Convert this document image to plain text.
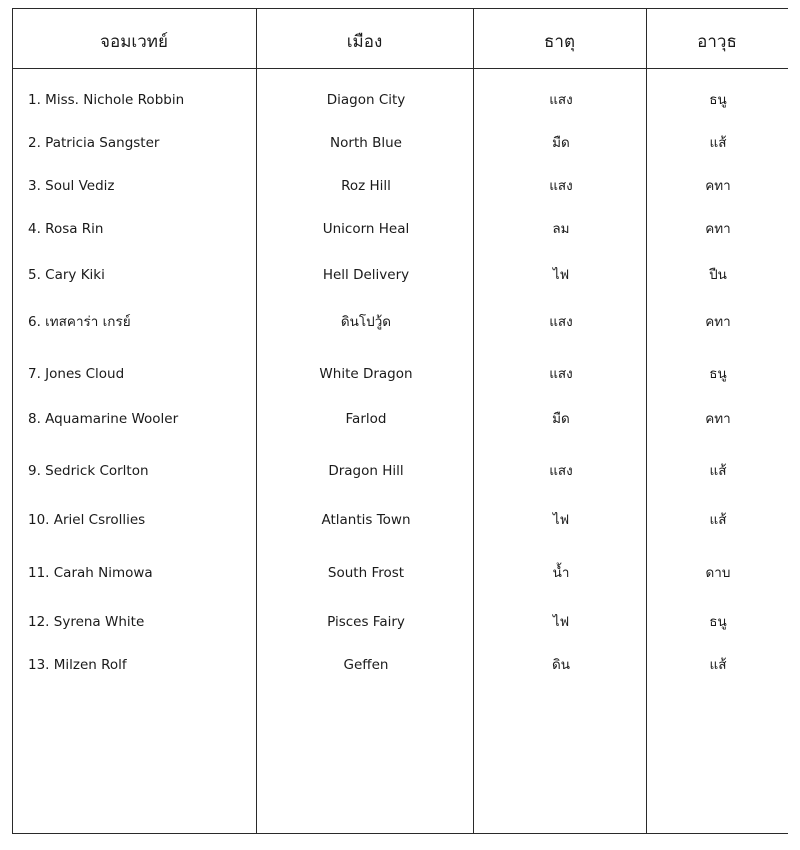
จอมเวทย์	เมือง	ธาตุ	อาวุธ
1. Miss. Nichole Robbin	Diagon City	แสง	ธนู
2. Patricia Sangster	North Blue	มืด	แส้
3. Soul Vediz	Roz Hill	แสง	คทา
4. Rosa Rin	Unicorn Heal	ลม	คทา
5. Cary Kiki	Hell Delivery	ไฟ	ปืน
6. เทสคาร่า เกรย์	ดินโปวู้ด	แสง	คทา
7. Jones Cloud	White Dragon	แสง	ธนู
8. Aquamarine Wooler	Farlod	มืด	คทา
9. Sedrick Corlton	Dragon Hill	แสง	แส้
10. Ariel Csrollies	Atlantis Town	ไฟ	แส้
11. Carah Nimowa	South Frost	น้ำ	ดาบ
12. Syrena White	Pisces Fairy	ไฟ	ธนู
13. Milzen Rolf	Geffen	ดิน	แส้
